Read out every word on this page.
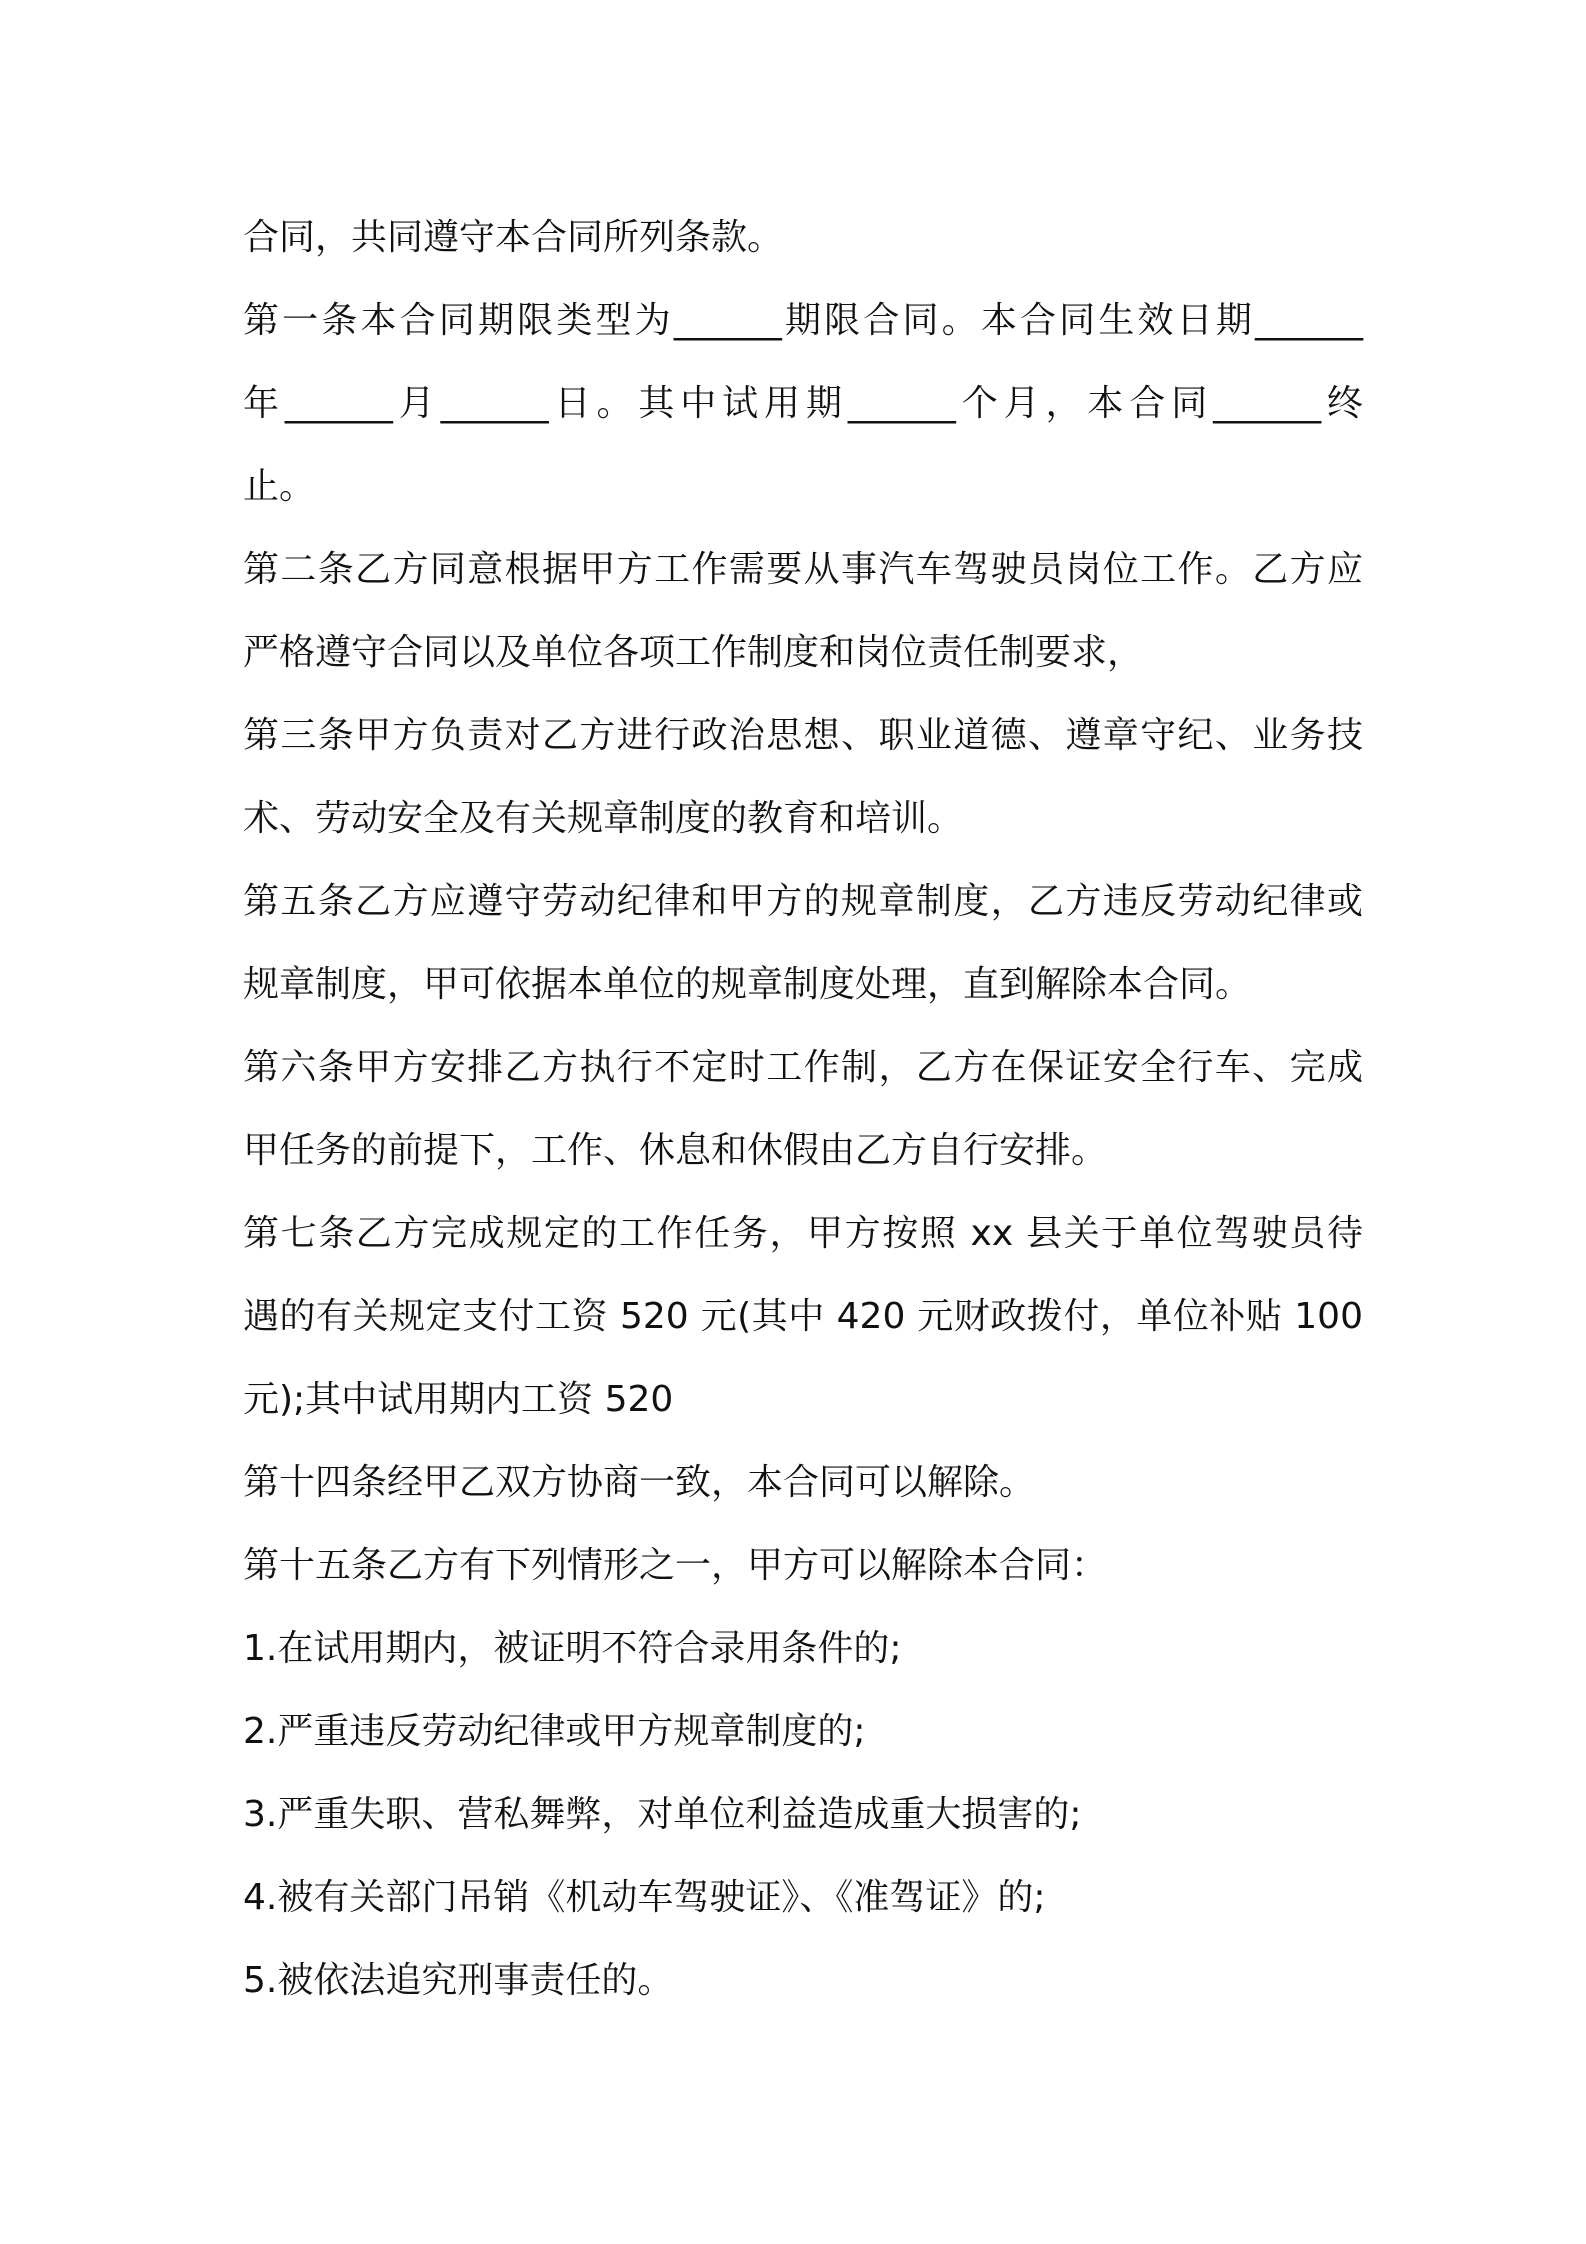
合同，共同遵守本合同所列条款。
第一条本合同期限类型为______期限合同。本合同生效日期______
年______月______日。其中试用期______个月，本合同______终
止。
第二条乙方同意根据甲方工作需要从事汽车驾驶员岗位工作。乙方应
严格遵守合同以及单位各项工作制度和岗位责任制要求，
第三条甲方负责对乙方进行政治思想、职业道德、遵章守纪、业务技
术、劳动安全及有关规章制度的教育和培训。
第五条乙方应遵守劳动纪律和甲方的规章制度，乙方违反劳动纪律或
规章制度，甲可依据本单位的规章制度处理，直到解除本合同。
第六条甲方安排乙方执行不定时工作制，乙方在保证安全行车、完成
甲任务的前提下，工作、休息和休假由乙方自行安排。
第七条乙方完成规定的工作任务，甲方按照 xx 县关于单位驾驶员待
遇的有关规定支付工资 520 元(其中 420 元财政拨付，单位补贴 100
元);其中试用期内工资 520
第十四条经甲乙双方协商一致，本合同可以解除。
第十五条乙方有下列情形之一，甲方可以解除本合同：
1.在试用期内，被证明不符合录用条件的;
2.严重违反劳动纪律或甲方规章制度的;
3.严重失职、营私舞弊，对单位利益造成重大损害的;
4.被有关部门吊销《机动车驾驶证》、《准驾证》的;
5.被依法追究刑事责任的。
